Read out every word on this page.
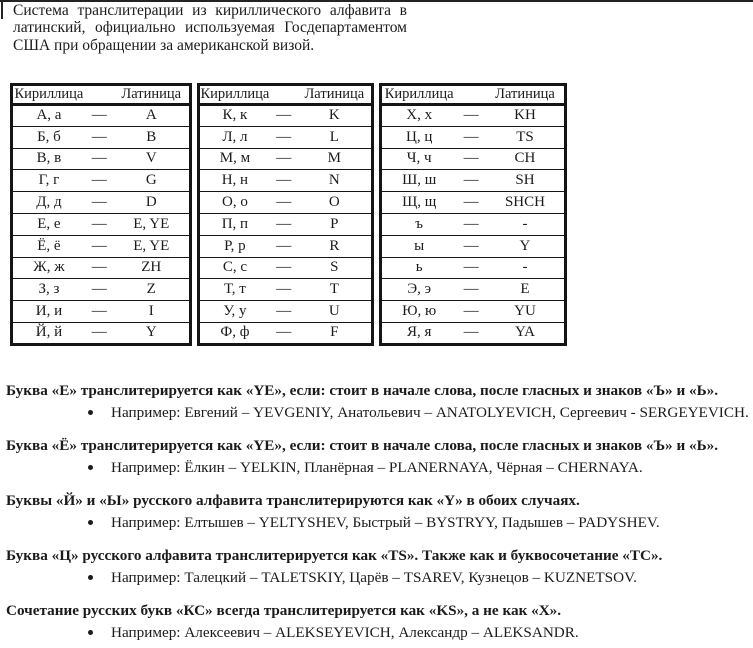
Система транслитерации из кириллического алфавита в латинский, официально используемая Госдепартаментом США при обращении за американской визой.

Кириллица		Латиница
А, а	—	A
Б, б	—	B
В, в	—	V
Г, г	—	G
Д, д	—	D
Е, е	—	E, YE
Ё, ё	—	E, YE
Ж, ж	—	ZH
З, з	—	Z
И, и	—	I
Й, й	—	Y
Кириллица		Латиница
К, к	—	K
Л, л	—	L
М, м	—	M
Н, н	—	N
О, о	—	O
П, п	—	P
Р, р	—	R
С, с	—	S
Т, т	—	T
У, у	—	U
Ф, ф	—	F
Кириллица		Латиница
Х, х	—	KH
Ц, ц	—	TS
Ч, ч	—	CH
Ш, ш	—	SH
Щ, щ	—	SHCH
ъ	—	-
ы	—	Y
ь	—	-
Э, э	—	E
Ю, ю	—	YU
Я, я	—	YA
Буква «Е» транслитерируется как «YE», если: стоит в начале слова, после гласных и знаков «Ъ» и «Ь».
Например: Евгений – YEVGENIY, Анатольевич – ANATOLYEVICH, Сергеевич - SERGEYEVICH.
Буква «Ё» транслитерируется как «YE», если: стоит в начале слова, после гласных и знаков «Ъ» и «Ь».
Например: Ёлкин – YELKIN, Планёрная – PLANERNAYA, Чёрная – CHERNAYA.
Буквы «Й» и «Ы» русского алфавита транслитерируются как «Y» в обоих случаях.
Например: Елтышев – YELTYSHEV, Быстрый – BYSTRYY, Падышев – PADYSHEV.
Буква «Ц» русского алфавита транслитерируется как «TS». Также как и буквосочетание «ТС».
Например: Талецкий – TALETSKIY, Царёв – TSAREV, Кузнецов – KUZNETSOV.
Сочетание русских букв «КС» всегда транслитерируется как «KS», а не как «X».
Например: Алексеевич – ALEKSEYEVICH, Александр – ALEKSANDR.
